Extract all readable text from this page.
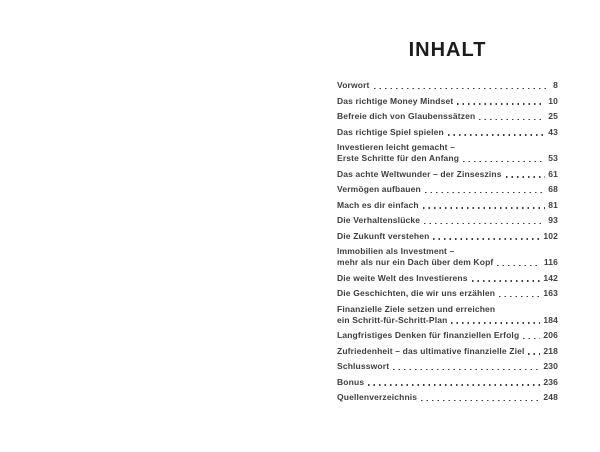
INHALT
Vorwort	8
Das richtige Money Mindset	10
Befreie dich von Glaubenssätzen	25
Das richtige Spiel spielen	43
Investieren leicht gemacht –
Erste Schritte für den Anfang	53
Das achte Weltwunder – der Zinseszins	61
Vermögen aufbauen	68
Mach es dir einfach	81
Die Verhaltenslücke	93
Die Zukunft verstehen	102
Immobilien als Investment –
mehr als nur ein Dach über dem Kopf	116
Die weite Welt des Investierens	142
Die Geschichten, die wir uns erzählen	163
Finanzielle Ziele setzen und erreichen
ein Schritt-für-Schritt-Plan	184
Langfristiges Denken für finanziellen Erfolg	206
Zufriedenheit – das ultimative finanzielle Ziel 218
Schlusswort	230
Bonus	236
Quellenverzeichnis	248
